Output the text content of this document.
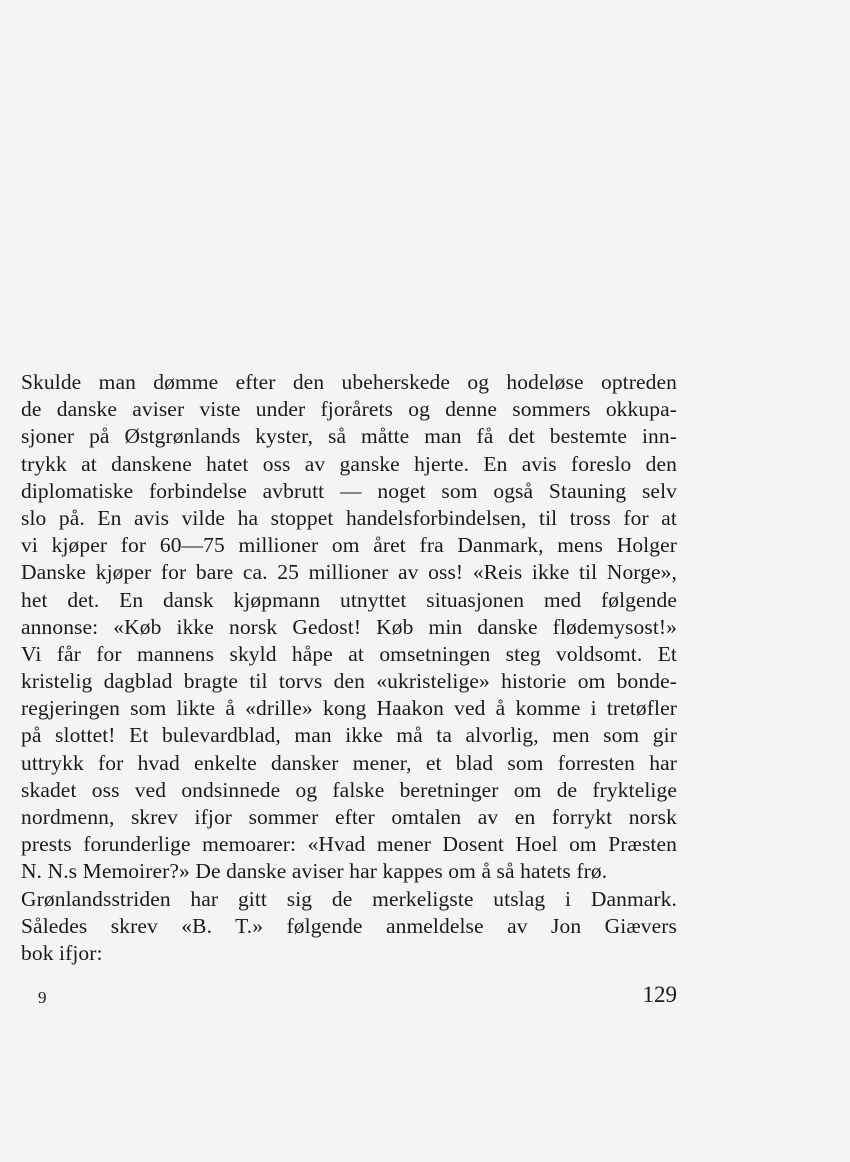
Skulde man dømme efter den ubeherskede og hodeløse optreden
de danske aviser viste under fjorårets og denne sommers okkupa-
sjoner på Østgrønlands kyster, så måtte man få det bestemte inn-
trykk at danskene hatet oss av ganske hjerte. En avis foreslo den
diplomatiske forbindelse avbrutt — noget som også Stauning selv
slo på. En avis vilde ha stoppet handelsforbindelsen, til tross for at
vi kjøper for 60—75 millioner om året fra Danmark, mens Holger
Danske kjøper for bare ca. 25 millioner av oss! «Reis ikke til Norge»,
het det. En dansk kjøpmann utnyttet situasjonen med følgende
annonse: «Køb ikke norsk Gedost! Køb min danske flødemysost!»
Vi får for mannens skyld håpe at omsetningen steg voldsomt. Et
kristelig dagblad bragte til torvs den «ukristelige» historie om bonde-
regjeringen som likte å «drille» kong Haakon ved å komme i tretøfler
på slottet! Et bulevardblad, man ikke må ta alvorlig, men som gir
uttrykk for hvad enkelte dansker mener, et blad som forresten har
skadet oss ved ondsinnede og falske beretninger om de fryktelige
nordmenn, skrev ifjor sommer efter omtalen av en forrykt norsk
prests forunderlige memoarer: «Hvad mener Dosent Hoel om Præsten
N. N.s Memoirer?» De danske aviser har kappes om å så hatets frø.
Grønlandsstriden har gitt sig de merkeligste utslag i Danmark.
Således skrev «B. T.» følgende anmeldelse av Jon Giævers
bok ifjor:
9	129
